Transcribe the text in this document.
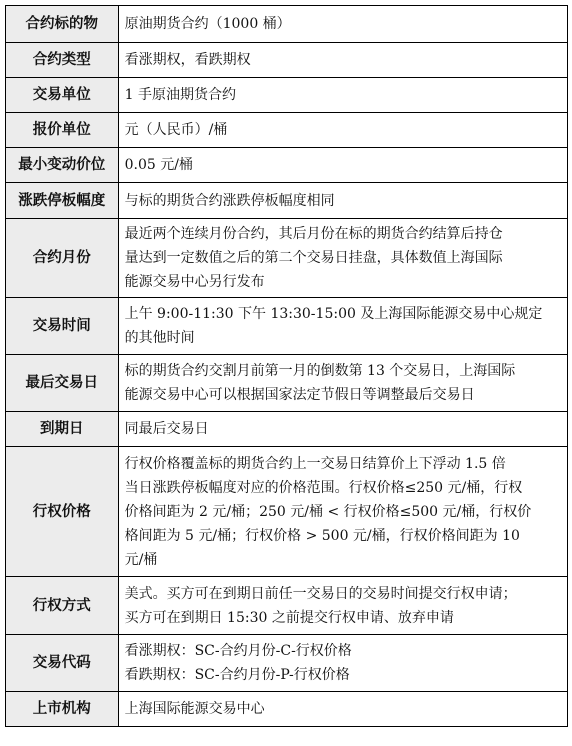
合约标的物	原油期货合约（1000 桶）

合约类型	看涨期权，看跌期权

交易单位	1 手原油期货合约

报价单位	元（人民币）/桶

最小变动价位	0.05 元/桶

涨跌停板幅度	与标的期货合约涨跌停板幅度相同

合约月份	最近两个连续月份合约，其后月份在标的期货合约结算后持仓
量达到一定数值之后的第二个交易日挂盘，具体数值上海国际
能源交易中心另行发布

交易时间	上午 9:00-11:30 下午 13:30-15:00 及上海国际能源交易中心规定
的其他时间

最后交易日	标的期货合约交割月前第一月的倒数第 13 个交易日，上海国际
能源交易中心可以根据国家法定节假日等调整最后交易日

到期日	同最后交易日

行权价格	行权价格覆盖标的期货合约上一交易日结算价上下浮动 1.5 倍
当日涨跌停板幅度对应的价格范围。行权价格≤250 元/桶，行权
价格间距为 2 元/桶；250 元/桶 < 行权价格≤500 元/桶，行权价
格间距为 5 元/桶；行权价格 > 500 元/桶，行权价格间距为 10
元/桶

行权方式	美式。买方可在到期日前任一交易日的交易时间提交行权申请；
买方可在到期日 15:30 之前提交行权申请、放弃申请

交易代码	看涨期权：SC-合约月份-C-行权价格
看跌期权：SC-合约月份-P-行权价格

上市机构	上海国际能源交易中心
